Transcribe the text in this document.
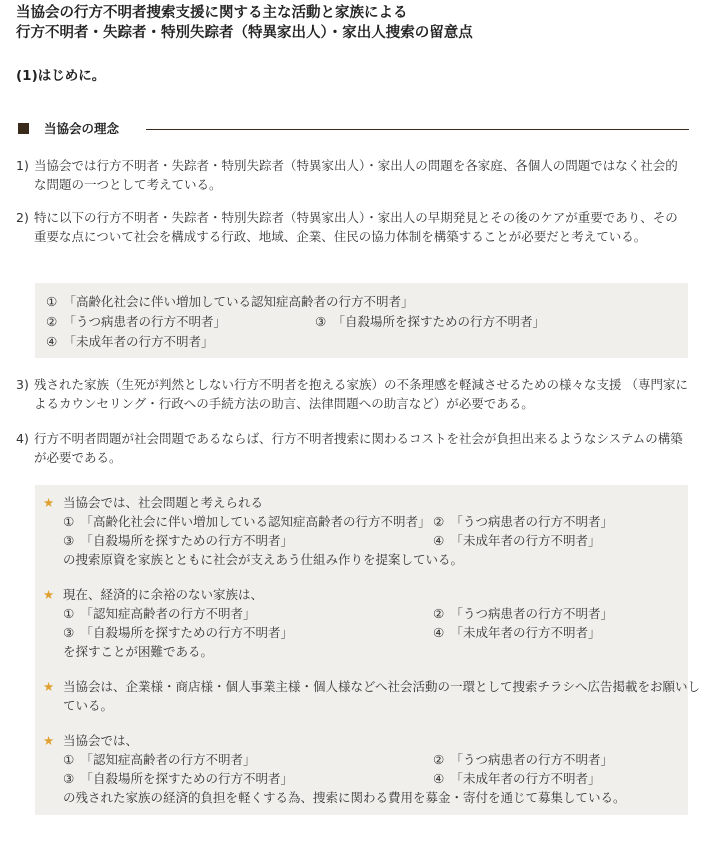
当協会の行方不明者捜索支援に関する主な活動と家族による
行方不明者・失踪者・特別失踪者（特異家出人）・家出人捜索の留意点
(1)はじめに。
当協会の理念
1) 当協会では行方不明者・失踪者・特別失踪者（特異家出人）・家出人の問題を各家庭、各個人の問題ではなく社会的な問題の一つとして考えている。
2) 特に以下の行方不明者・失踪者・特別失踪者（特異家出人）・家出人の早期発見とその後のケアが重要であり、その重要な点について社会を構成する行政、地域、企業、住民の協力体制を構築することが必要だと考えている。
①　「高齢化社会に伴い増加している認知症高齢者の行方不明者」
②　「うつ病患者の行方不明者」	③　「自殺場所を探すための行方不明者」
④　「未成年者の行方不明者」
3) 残された家族（生死が判然としない行方不明者を抱える家族）の不条理感を軽減させるための様々な支援 （専門家によるカウンセリング・行政への手続方法の助言、法律問題への助言など）が必要である。
4) 行方不明者問題が社会問題であるならば、行方不明者捜索に関わるコストを社会が負担出来るようなシステムの構築が必要である。
★ 当協会では、社会問題と考えられる
①　「高齢化社会に伴い増加している認知症高齢者の行方不明者」 ②　「うつ病患者の行方不明者」
③　「自殺場所を探すための行方不明者」	④　「未成年者の行方不明者」
の捜索原資を家族とともに社会が支えあう仕組み作りを提案している。
★ 現在、経済的に余裕のない家族は、
①　「認知症高齢者の行方不明者」	②　「うつ病患者の行方不明者」
③　「自殺場所を探すための行方不明者」	④　「未成年者の行方不明者」
を探すことが困難である。
★ 当協会は、企業様・商店様・個人事業主様・個人様などへ社会活動の一環として捜索チラシへ広告掲載をお願いし
ている。
★ 当協会では、
①　「認知症高齢者の行方不明者」	②　「うつ病患者の行方不明者」
③　「自殺場所を探すための行方不明者」	④　「未成年者の行方不明者」
の残された家族の経済的負担を軽くする為、捜索に関わる費用を募金・寄付を通じて募集している。
